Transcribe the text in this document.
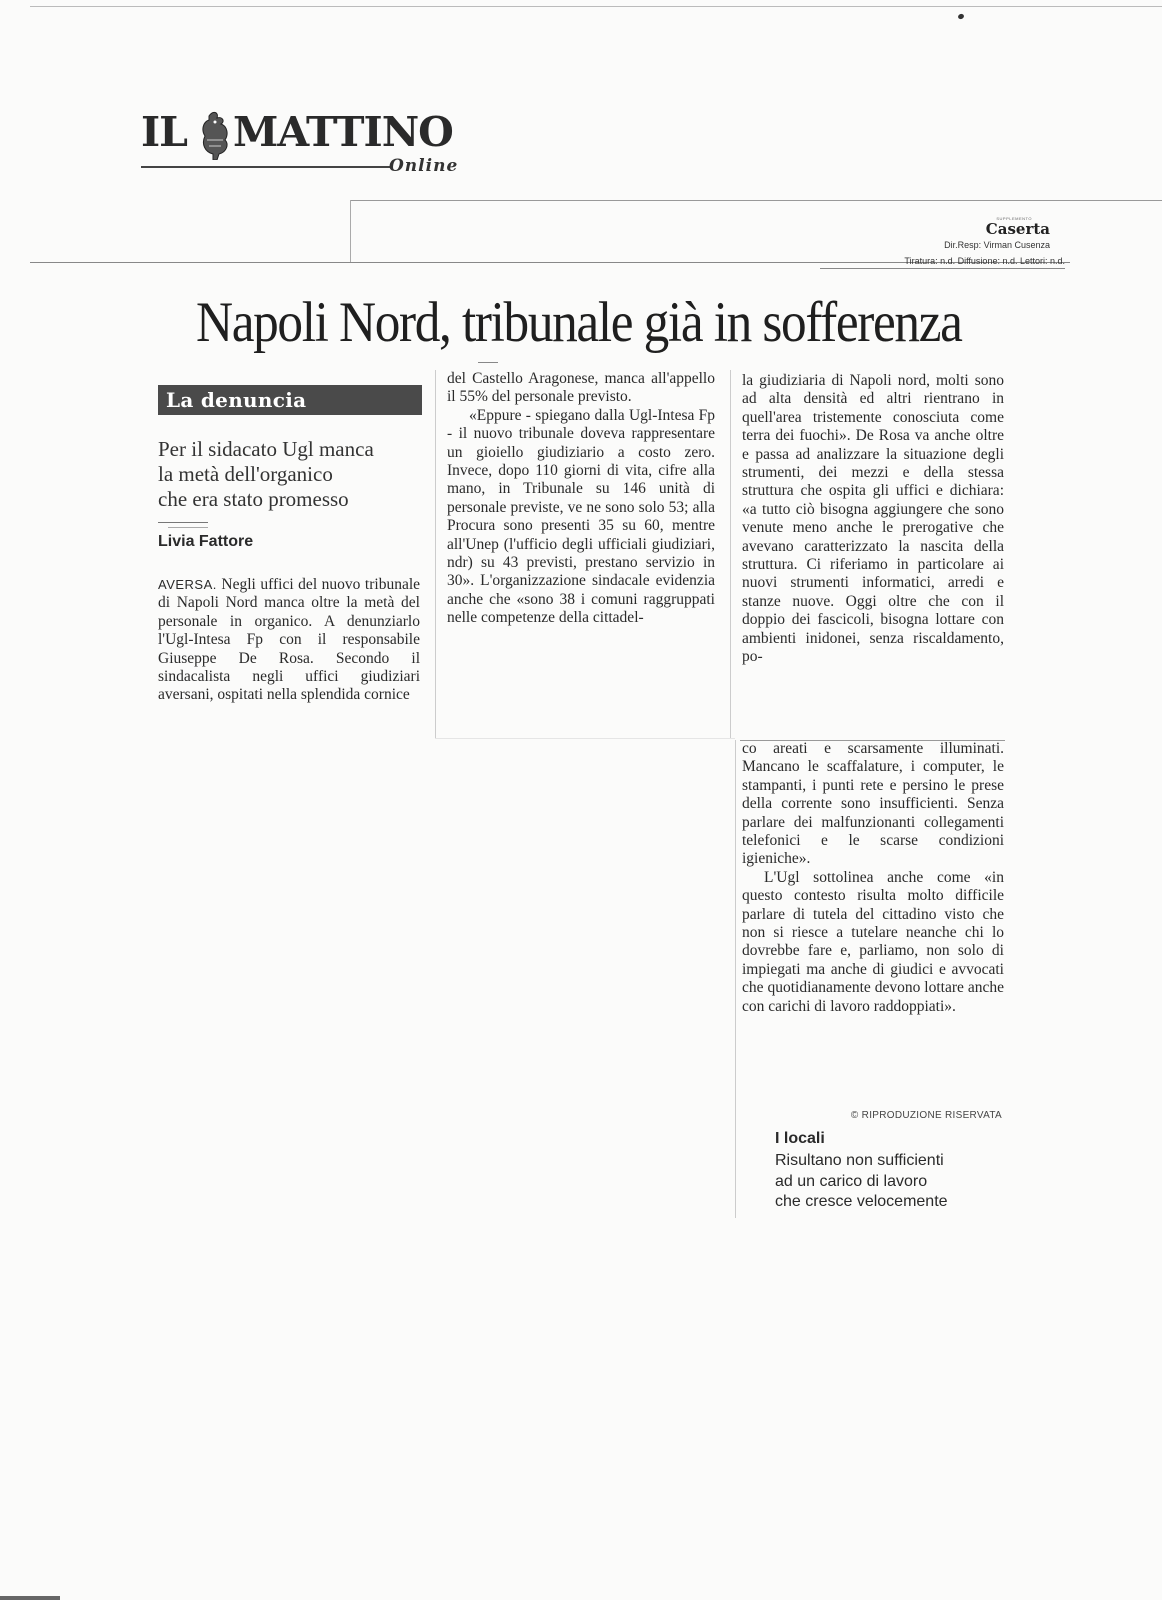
IL MATTINO
Online
SUPPLEMENTO
Caserta
Dir.Resp: Virman Cusenza
Tiratura: n.d. Diffusione: n.d. Lettori: n.d.
Napoli Nord, tribunale già in sofferenza
La denuncia
Per il sidacato Ugl manca
la metà dell'organico
che era stato promesso
Livia Fattore

AVERSA. Negli uffici del nuovo tribunale di Napoli Nord manca oltre la metà del personale in organico. A denunziarlo l'Ugl-Intesa Fp con il responsabile Giuseppe De Rosa. Secondo il sindacalista negli uffici giudiziari aversani, ospitati nella splendida cornice

del Castello Aragonese, manca all'appello il 55% del personale previsto.

«Eppure - spiegano dalla Ugl-Intesa Fp - il nuovo tribunale doveva rappresentare un gioiello giudiziario a costo zero. Invece, dopo 110 giorni di vita, cifre alla mano, in Tribunale su 146 unità di personale previste, ve ne sono solo 53; alla Procura sono presenti 35 su 60, mentre all'Unep (l'ufficio degli ufficiali giudiziari, ndr) su 43 previsti, prestano servizio in 30». L'organizzazione sindacale evidenzia anche che «sono 38 i comuni raggruppati nelle competenze della cittadel-

la giudiziaria di Napoli nord, molti sono ad alta densità ed altri rientrano in quell'area tristemente conosciuta come terra dei fuochi». De Rosa va anche oltre e passa ad analizzare la situazione degli strumenti, dei mezzi e della stessa struttura che ospita gli uffici e dichiara: «a tutto ciò bisogna aggiungere che sono venute meno anche le prerogative che avevano caratterizzato la nascita della struttura. Ci riferiamo in particolare ai nuovi strumenti informatici, arredi e stanze nuove. Oggi oltre che con il doppio dei fascicoli, bisogna lottare con ambienti inidonei, senza riscaldamento, po-

co areati e scarsamente illuminati. Mancano le scaffalature, i computer, le stampanti, i punti rete e persino le prese della corrente sono insufficienti. Senza parlare dei malfunzionanti collegamenti telefonici e le scarse condizioni igieniche».

L'Ugl sottolinea anche come «in questo contesto risulta molto difficile parlare di tutela del cittadino visto che non si riesce a tutelare neanche chi lo dovrebbe fare e, parliamo, non solo di impiegati ma anche di giudici e avvocati che quotidianamente devono lottare anche con carichi di lavoro raddoppiati».

© RIPRODUZIONE RISERVATA
I locali

Risultano non sufficienti

ad un carico di lavoro

che cresce velocemente
